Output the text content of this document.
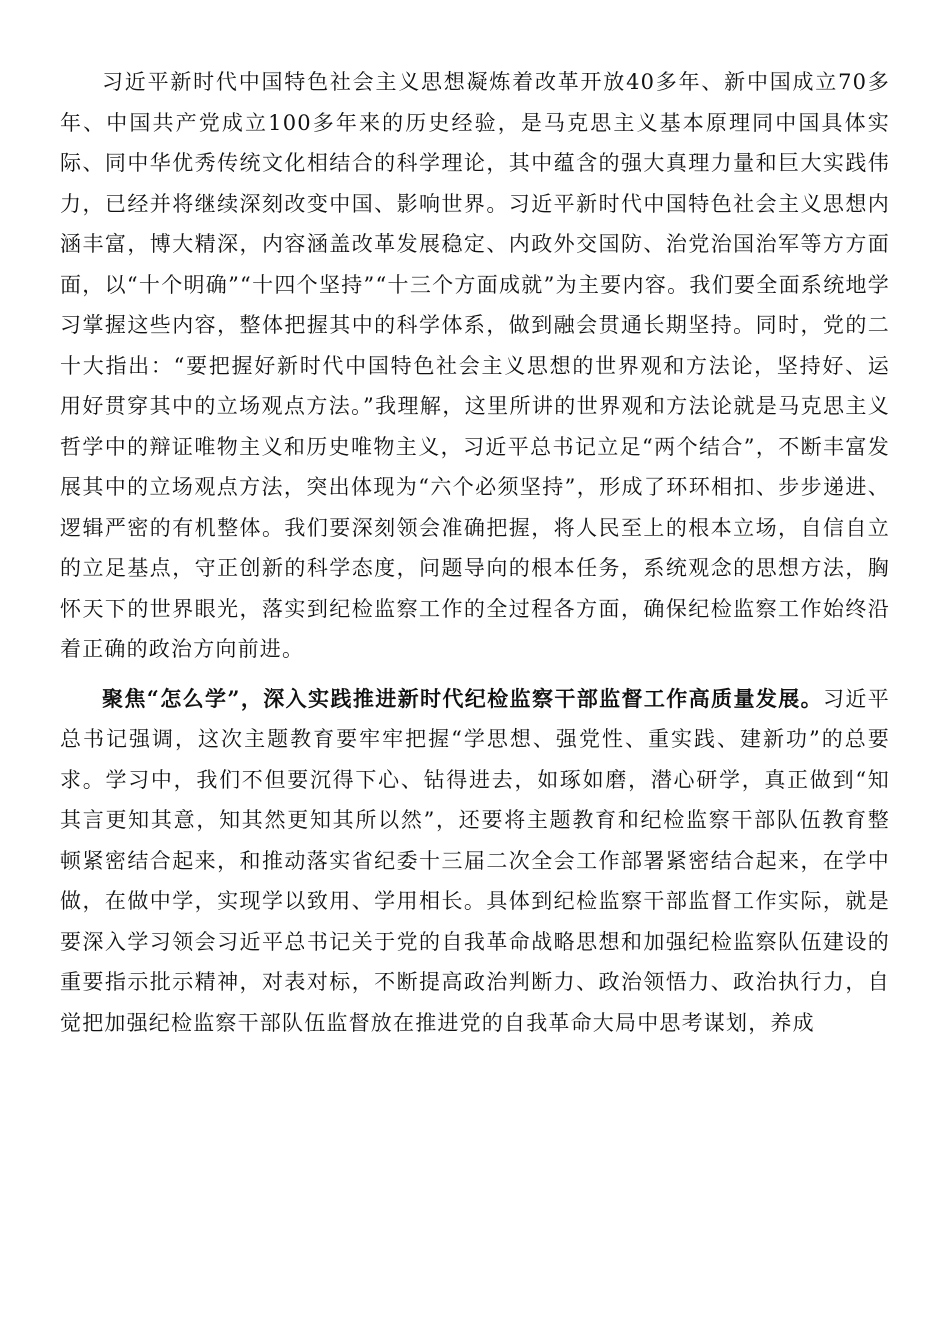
习近平新时代中国特色社会主义思想凝炼着改革开放40多年、新中国成立70多年、中国共产党成立100多年来的历史经验，是马克思主义基本原理同中国具体实际、同中华优秀传统文化相结合的科学理论，其中蕴含的强大真理力量和巨大实践伟力，已经并将继续深刻改变中国、影响世界。习近平新时代中国特色社会主义思想内涵丰富，博大精深，内容涵盖改革发展稳定、内政外交国防、治党治国治军等方方面面，以“十个明确”“十四个坚持”“十三个方面成就”为主要内容。我们要全面系统地学习掌握这些内容，整体把握其中的科学体系，做到融会贯通长期坚持。同时，党的二十大指出：“要把握好新时代中国特色社会主义思想的世界观和方法论，坚持好、运用好贯穿其中的立场观点方法。”我理解，这里所讲的世界观和方法论就是马克思主义哲学中的辩证唯物主义和历史唯物主义，习近平总书记立足“两个结合”，不断丰富发展其中的立场观点方法，突出体现为“六个必须坚持”，形成了环环相扣、步步递进、逻辑严密的有机整体。我们要深刻领会准确把握，将人民至上的根本立场，自信自立的立足基点，守正创新的科学态度，问题导向的根本任务，系统观念的思想方法，胸怀天下的世界眼光，落实到纪检监察工作的全过程各方面，确保纪检监察工作始终沿着正确的政治方向前进。

聚焦“怎么学”，深入实践推进新时代纪检监察干部监督工作高质量发展。习近平总书记强调，这次主题教育要牢牢把握“学思想、强党性、重实践、建新功”的总要求。学习中，我们不但要沉得下心、钻得进去，如琢如磨，潜心研学，真正做到“知其言更知其意，知其然更知其所以然”，还要将主题教育和纪检监察干部队伍教育整顿紧密结合起来，和推动落实省纪委十三届二次全会工作部署紧密结合起来，在学中做，在做中学，实现学以致用、学用相长。具体到纪检监察干部监督工作实际，就是要深入学习领会习近平总书记关于党的自我革命战略思想和加强纪检监察队伍建设的重要指示批示精神，对表对标，不断提高政治判断力、政治领悟力、政治执行力，自觉把加强纪检监察干部队伍监督放在推进党的自我革命大局中思考谋划，养成
